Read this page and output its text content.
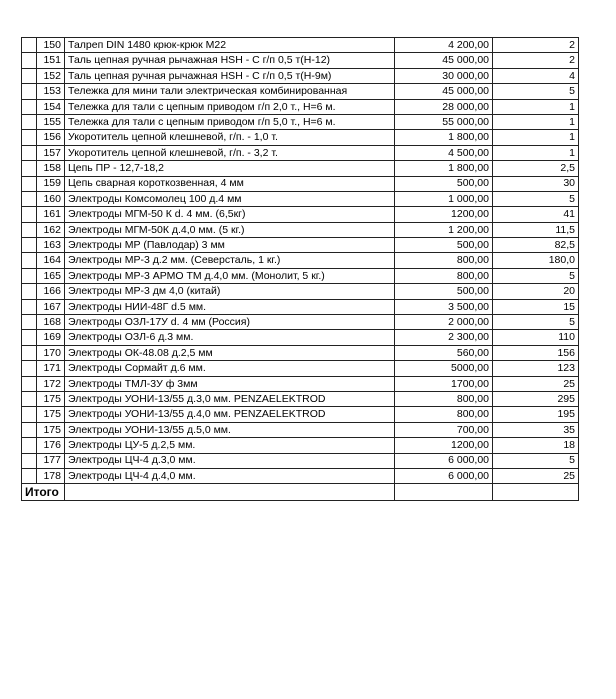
	150	Талреп DIN 1480 крюк-крюк М22	4 200,00	2
	151	Таль цепная ручная рычажная HSH - C г/п 0,5 т(Н-12)	45 000,00	2
	152	Таль цепная ручная рычажная HSH - C г/п 0,5 т(Н-9м)	30 000,00	4
	153	Тележка для мини тали электрическая комбинированная	45 000,00	5
	154	Тележка для тали с цепным приводом г/п 2,0 т., Н=6 м.	28 000,00	1
	155	Тележка для тали с цепным приводом г/п 5,0 т., Н=6 м.	55 000,00	1
	156	Укоротитель цепной клешневой, г/п. - 1,0 т.	1 800,00	1
	157	Укоротитель цепной клешневой, г/п. - 3,2 т.	4 500,00	1
	158	Цепь ПР - 12,7-18,2	1 800,00	2,5
	159	Цепь сварная короткозвенная, 4 мм	500,00	30
	160	Электроды Комсомолец 100 д.4 мм	1 000,00	5
	161	Электроды МГМ-50 К d. 4 мм. (6,5кг)	1200,00	41
	162	Электроды МГМ-50К д.4,0 мм. (5 кг.)	1 200,00	11,5
	163	Электроды МР (Павлодар) 3 мм	500,00	82,5
	164	Электроды МР-3 д.2 мм. (Северсталь, 1 кг.)	800,00	180,0
	165	Электроды МР-3 АРМО ТМ д.4,0 мм. (Монолит, 5 кг.)	800,00	5
	166	Электроды МР-3 дм 4,0 (китай)	500,00	20
	167	Электроды НИИ-48Г d.5 мм.	3 500,00	15
	168	Электроды ОЗЛ-17У d. 4 мм (Россия)	2 000,00	5
	169	Электроды ОЗЛ-6 д.3 мм.	2 300,00	110
	170	Электроды ОК-48.08 д.2,5 мм	560,00	156
	171	Электроды Сормайт д.6 мм.	5000,00	123
	172	Электроды ТМЛ-3У ф 3мм	1700,00	25
	175	Электроды УОНИ-13/55 д.3,0 мм. PENZAELEKTROD	800,00	295
	175	Электроды УОНИ-13/55 д.4,0 мм. PENZAELEKTROD	800,00	195
	175	Электроды УОНИ-13/55 д.5,0 мм.	700,00	35
	176	Электроды ЦУ-5 д.2,5 мм.	1200,00	18
	177	Электроды ЦЧ-4 д.3,0 мм.	6 000,00	5
	178	Электроды ЦЧ-4 д.4,0 мм.	6 000,00	25
Итого				
